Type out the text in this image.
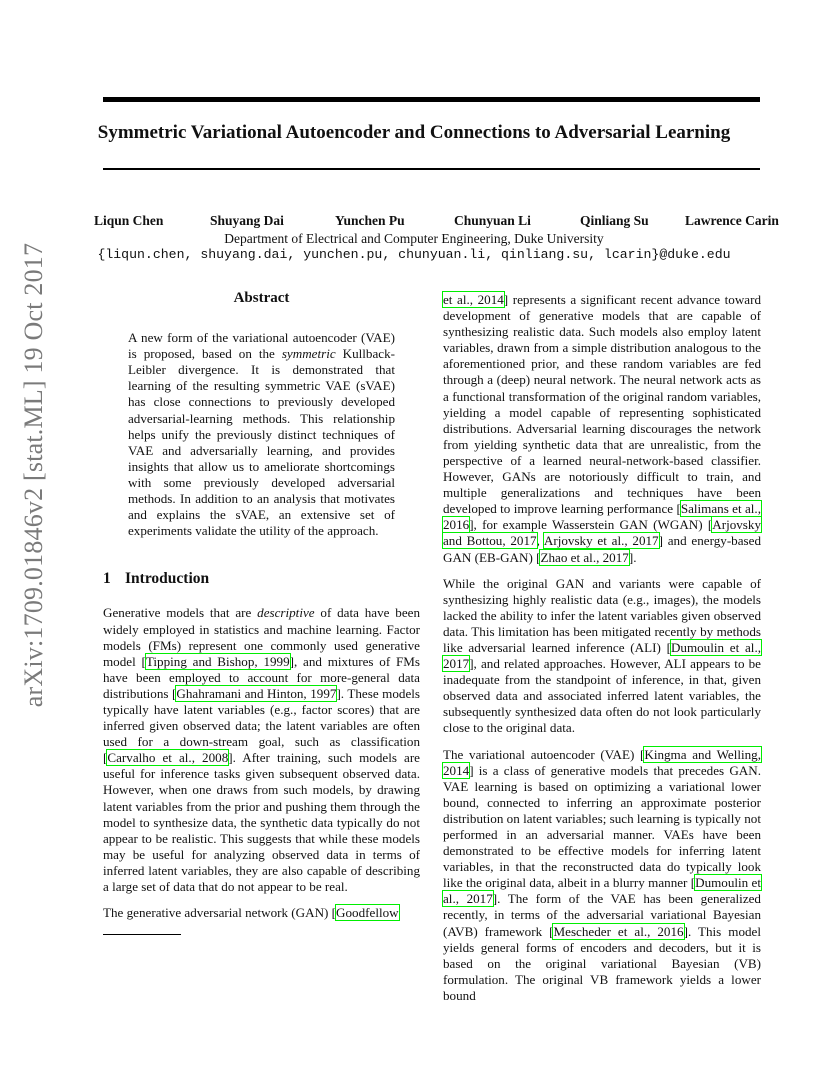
Symmetric Variational Autoencoder and Connections to Adversarial Learning
Liqun Chen	Shuyang Dai	Yunchen Pu	Chunyuan Li	Qinliang Su	Lawrence Carin
Department of Electrical and Computer Engineering, Duke University
{liqun.chen, shuyang.dai, yunchen.pu, chunyuan.li, qinliang.su, lcarin}@duke.edu
arXiv:1709.01846v2 [stat.ML] 19 Oct 2017	Abstract
A new form of the variational autoencoder (VAE) is proposed, based on the symmetric Kullback-Leibler divergence. It is demonstrated that learning of the resulting symmetric VAE (sVAE) has close connections to previously developed adversarial-learning methods. This relationship helps unify the previously distinct techniques of VAE and adversarially learning, and provides insights that allow us to ameliorate shortcomings with some previously developed adversarial methods. In addition to an analysis that motivates and explains the sVAE, an extensive set of experiments validate the utility of the approach.
1 Introduction

Generative models that are descriptive of data have been widely employed in statistics and machine learning. Factor models (FMs) represent one commonly used generative model [Tipping and Bishop, 1999], and mixtures of FMs have been employed to account for more-general data distributions [Ghahramani and Hinton, 1997]. These models typically have latent variables (e.g., factor scores) that are inferred given observed data; the latent variables are often used for a down-stream goal, such as classification [Carvalho et al., 2008]. After training, such models are useful for inference tasks given subsequent observed data. However, when one draws from such models, by drawing latent variables from the prior and pushing them through the model to synthesize data, the synthetic data typically do not appear to be realistic. This suggests that while these models may be useful for analyzing observed data in terms of inferred latent variables, they are also capable of describing a large set of data that do not appear to be real.

The generative adversarial network (GAN) [Goodfellow

et al., 2014] represents a significant recent advance toward development of generative models that are capable of synthesizing realistic data. Such models also employ latent variables, drawn from a simple distribution analogous to the aforementioned prior, and these random variables are fed through a (deep) neural network. The neural network acts as a functional transformation of the original random variables, yielding a model capable of representing sophisticated distributions. Adversarial learning discourages the network from yielding synthetic data that are unrealistic, from the perspective of a learned neural-network-based classifier. However, GANs are notoriously difficult to train, and multiple generalizations and techniques have been developed to improve learning performance [Salimans et al., 2016], for example Wasserstein GAN (WGAN) [Arjovsky and Bottou, 2017, Arjovsky et al., 2017] and energy-based GAN (EB-GAN) [Zhao et al., 2017].

While the original GAN and variants were capable of synthesizing highly realistic data (e.g., images), the models lacked the ability to infer the latent variables given observed data. This limitation has been mitigated recently by methods like adversarial learned inference (ALI) [Dumoulin et al., 2017], and related approaches. However, ALI appears to be inadequate from the standpoint of inference, in that, given observed data and associated inferred latent variables, the subsequently synthesized data often do not look particularly close to the original data.

The variational autoencoder (VAE) [Kingma and Welling, 2014] is a class of generative models that precedes GAN. VAE learning is based on optimizing a variational lower bound, connected to inferring an approximate posterior distribution on latent variables; such learning is typically not performed in an adversarial manner. VAEs have been demonstrated to be effective models for inferring latent variables, in that the reconstructed data do typically look like the original data, albeit in a blurry manner [Dumoulin et al., 2017]. The form of the VAE has been generalized recently, in terms of the adversarial variational Bayesian (AVB) framework [Mescheder et al., 2016]. This model yields general forms of encoders and decoders, but it is based on the original variational Bayesian (VB) formulation. The original VB framework yields a lower bound
